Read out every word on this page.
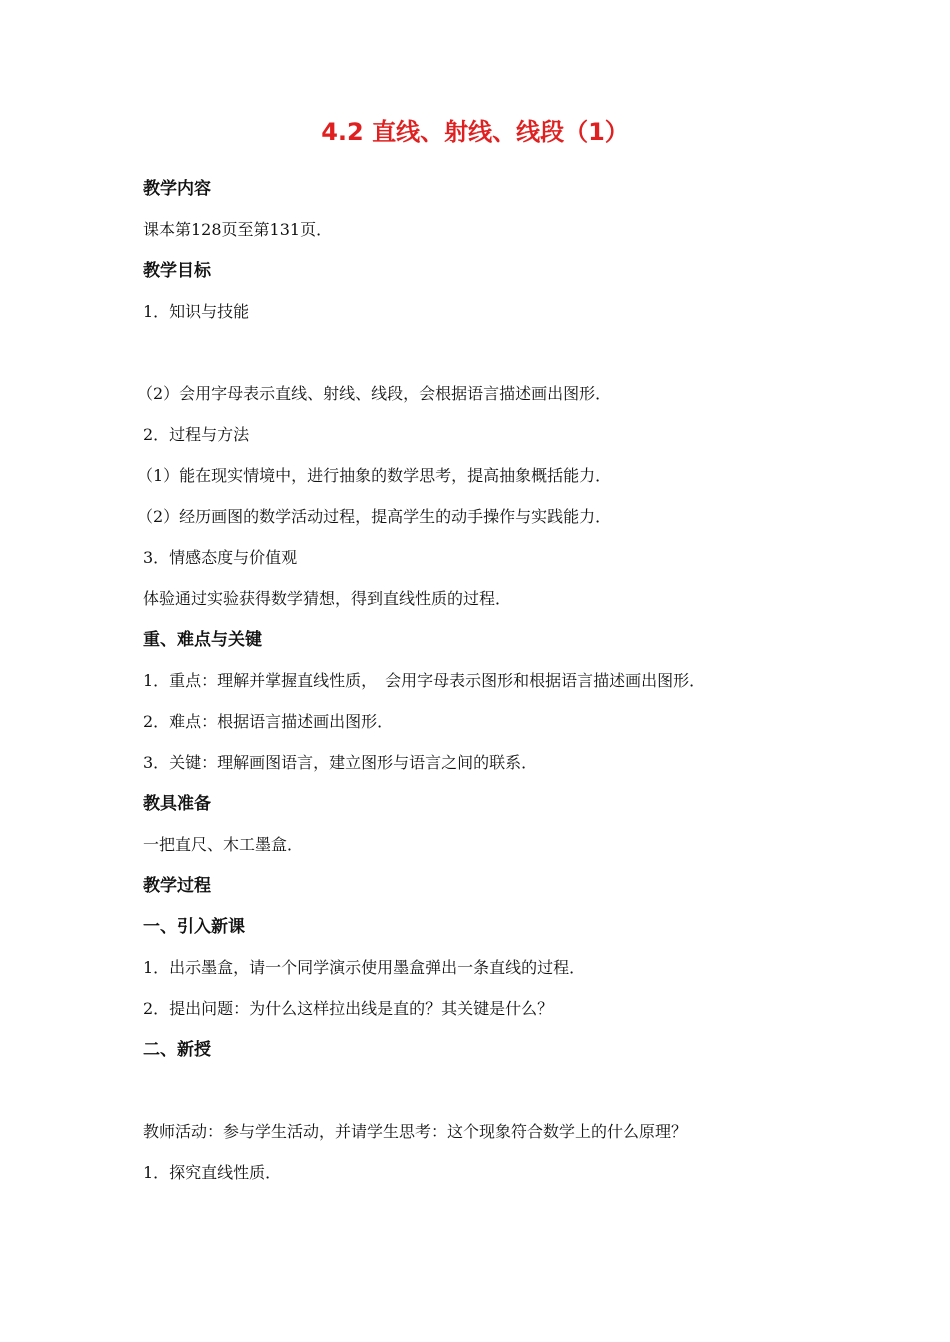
4.2 直线、射线、线段（1）
教学内容
课本第128页至第131页．
教学目标
1．知识与技能
（2）会用字母表示直线、射线、线段，会根据语言描述画出图形．
2．过程与方法
（1）能在现实情境中，进行抽象的数学思考，提高抽象概括能力．
（2）经历画图的数学活动过程，提高学生的动手操作与实践能力．
3．情感态度与价值观
体验通过实验获得数学猜想，得到直线性质的过程．
重、难点与关键
1．重点：理解并掌握直线性质，　会用字母表示图形和根据语言描述画出图形．
2．难点：根据语言描述画出图形．
3．关键：理解画图语言，建立图形与语言之间的联系．
教具准备
一把直尺、木工墨盒．
教学过程
一、引入新课
1．出示墨盒，请一个同学演示使用墨盒弹出一条直线的过程．
2．提出问题：为什么这样拉出线是直的？其关键是什么？
二、新授
教师活动：参与学生活动，并请学生思考：这个现象符合数学上的什么原理？
1．探究直线性质．
